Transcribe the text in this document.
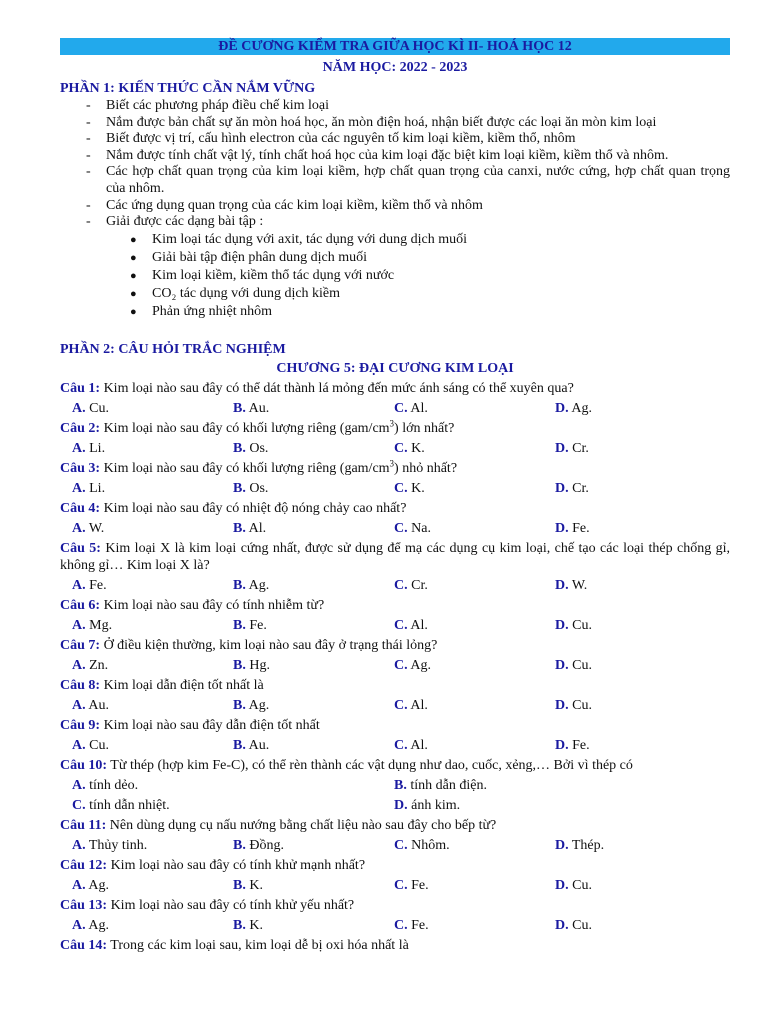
ĐỀ CƯƠNG KIỂM TRA GIỮA HỌC KÌ II- HOÁ HỌC 12
NĂM HỌC: 2022 - 2023
PHẦN 1: KIẾN THỨC CẦN NẮM VỮNG
- Biết các phương pháp điều chế kim loại
- Nắm được bản chất sự ăn mòn hoá học, ăn mòn điện hoá, nhận biết được các loại ăn mòn kim loại
- Biết được vị trí, cấu hình electron của các nguyên tố kim loại kiềm, kiềm thổ, nhôm
- Nắm được tính chất vật lý, tính chất hoá học của kim loại đặc biệt kim loại kiềm, kiềm thổ và nhôm.
- Các hợp chất quan trọng của kim loại kiềm, hợp chất quan trọng của canxi, nước cứng, hợp chất quan trọng của nhôm.
- Các ứng dụng quan trọng của các kim loại kiềm, kiềm thổ và nhôm
- Giải được các dạng bài tập :
● Kim loại tác dụng với axit, tác dụng với dung dịch muối
● Giải bài tập điện phân dung dịch muối
● Kim loại kiềm, kiềm thổ tác dụng với nước
● CO₂ tác dụng với dung dịch kiềm
● Phản ứng nhiệt nhôm
PHẦN 2: CÂU HỎI TRẮC NGHIỆM
CHƯƠNG 5: ĐẠI CƯƠNG KIM LOẠI
Câu 1: Kim loại nào sau đây có thể dát thành lá mỏng đến mức ánh sáng có thể xuyên qua?
A. Cu.	B. Au.	C. Al.	D. Ag.
Câu 2: Kim loại nào sau đây có khối lượng riêng $(gam/cm^3)$ lớn nhất?
A. Li.	B. Os.	C. K.	D. Cr.
Câu 3: Kim loại nào sau đây có khối lượng riêng $(gam/cm^3)$ nhỏ nhất?
A. Li.	B. Os.	C. K.	D. Cr.
Câu 4: Kim loại nào sau đây có nhiệt độ nóng chảy cao nhất?
A. W.	B. Al.	C. Na.	D. Fe.
Câu 5: Kim loại X là kim loại cứng nhất, được sử dụng để mạ các dụng cụ kim loại, chế tạo các loại thép chống gỉ, không gỉ… Kim loại X là?
A. Fe.	B. Ag.	C. Cr.	D. W.
Câu 6: Kim loại nào sau đây có tính nhiễm từ?
A. Mg.	B. Fe.	C. Al.	D. Cu.
Câu 7: Ở điều kiện thường, kim loại nào sau đây ở trạng thái lỏng?
A. Zn.	B. Hg.	C. Ag.	D. Cu.
Câu 8: Kim loại dẫn điện tốt nhất là
A. Au.	B. Ag.	C. Al.	D. Cu.
Câu 9: Kim loại nào sau đây dẫn điện tốt nhất
A. Cu.	B. Au.	C. Al.	D. Fe.
Câu 10: Từ thép (hợp kim Fe-C), có thể rèn thành các vật dụng như dao, cuốc, xẻng,… Bởi vì thép có
A. tính dẻo.	B. tính dẫn điện.
C. tính dẫn nhiệt.	D. ánh kim.
Câu 11: Nên dùng dụng cụ nấu nướng bằng chất liệu nào sau đây cho bếp từ?
A. Thủy tinh.	B. Đồng.	C. Nhôm.	D. Thép.
Câu 12: Kim loại nào sau đây có tính khử mạnh nhất?
A. Ag.	B. K.	C. Fe.	D. Cu.
Câu 13: Kim loại nào sau đây có tính khử yếu nhất?
A. Ag.	B. K.	C. Fe.	D. Cu.
Câu 14: Trong các kim loại sau, kim loại dễ bị oxi hóa nhất là
